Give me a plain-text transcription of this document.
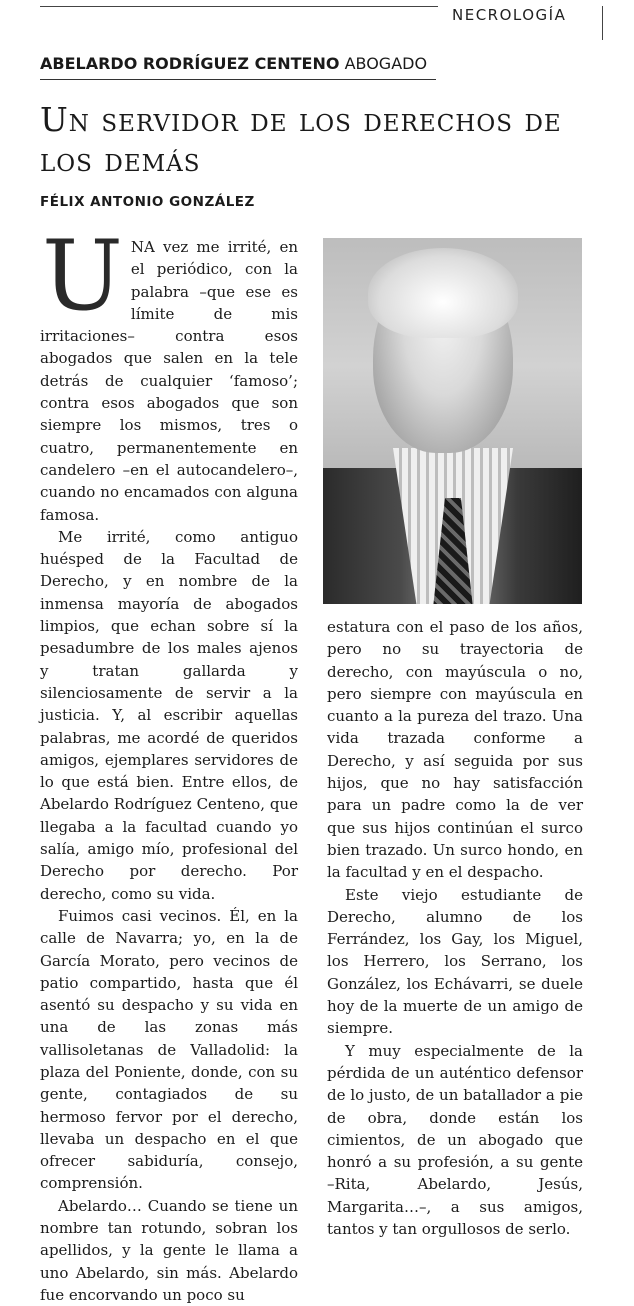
NECROLOGÍA
ABELARDO RODRÍGUEZ CENTENO ABOGADO
Un servidor de los derechos de los demás
FÉLIX ANTONIO GONZÁLEZ

UNA vez me irrité, en el periódico, con la palabra –que ese es límite de mis irritaciones– contra esos abogados que salen en la tele detrás de cualquier ‘famoso’; contra esos abogados que son siempre los mismos, tres o cuatro, permanentemente en candelero –en el autocandelero–, cuando no encamados con alguna famosa.

Me irrité, como antiguo huésped de la Facultad de Derecho, y en nombre de la inmensa mayoría de abogados limpios, que echan sobre sí la pesadumbre de los males ajenos y tratan gallarda y silenciosamente de servir a la justicia. Y, al escribir aquellas palabras, me acordé de queridos amigos, ejemplares servidores de lo que está bien. Entre ellos, de Abelardo Rodríguez Centeno, que llegaba a la facultad cuando yo salía, amigo mío, profesional del Derecho por derecho. Por derecho, como su vida.

Fuimos casi vecinos. Él, en la calle de Navarra; yo, en la de García Morato, pero vecinos de patio compartido, hasta que él asentó su despacho y su vida en una de las zonas más vallisoletanas de Valladolid: la plaza del Poniente, donde, con su gente, contagiados de su hermoso fervor por el derecho, llevaba un despacho en el que ofrecer sabiduría, consejo, comprensión.

Abelardo… Cuando se tiene un nombre tan rotundo, sobran los apellidos, y la gente le llama a uno Abelardo, sin más. Abelardo fue encorvando un poco su

estatura con el paso de los años, pero no su trayectoria de derecho, con mayúscula o no, pero siempre con mayúscula en cuanto a la pureza del trazo. Una vida trazada conforme a Derecho, y así seguida por sus hijos, que no hay satisfacción para un padre como la de ver que sus hijos continúan el surco bien trazado. Un surco hondo, en la facultad y en el despacho.

Este viejo estudiante de Derecho, alumno de los Ferrández, los Gay, los Miguel, los Herrero, los Serrano, los González, los Echávarri, se duele hoy de la muerte de un amigo de siempre.

Y muy especialmente de la pérdida de un auténtico defensor de lo justo, de un batallador a pie de obra, donde están los cimientos, de un abogado que honró a su profesión, a su gente –Rita, Abelardo, Jesús, Margarita…–, a sus amigos, tantos y tan orgullosos de serlo.
